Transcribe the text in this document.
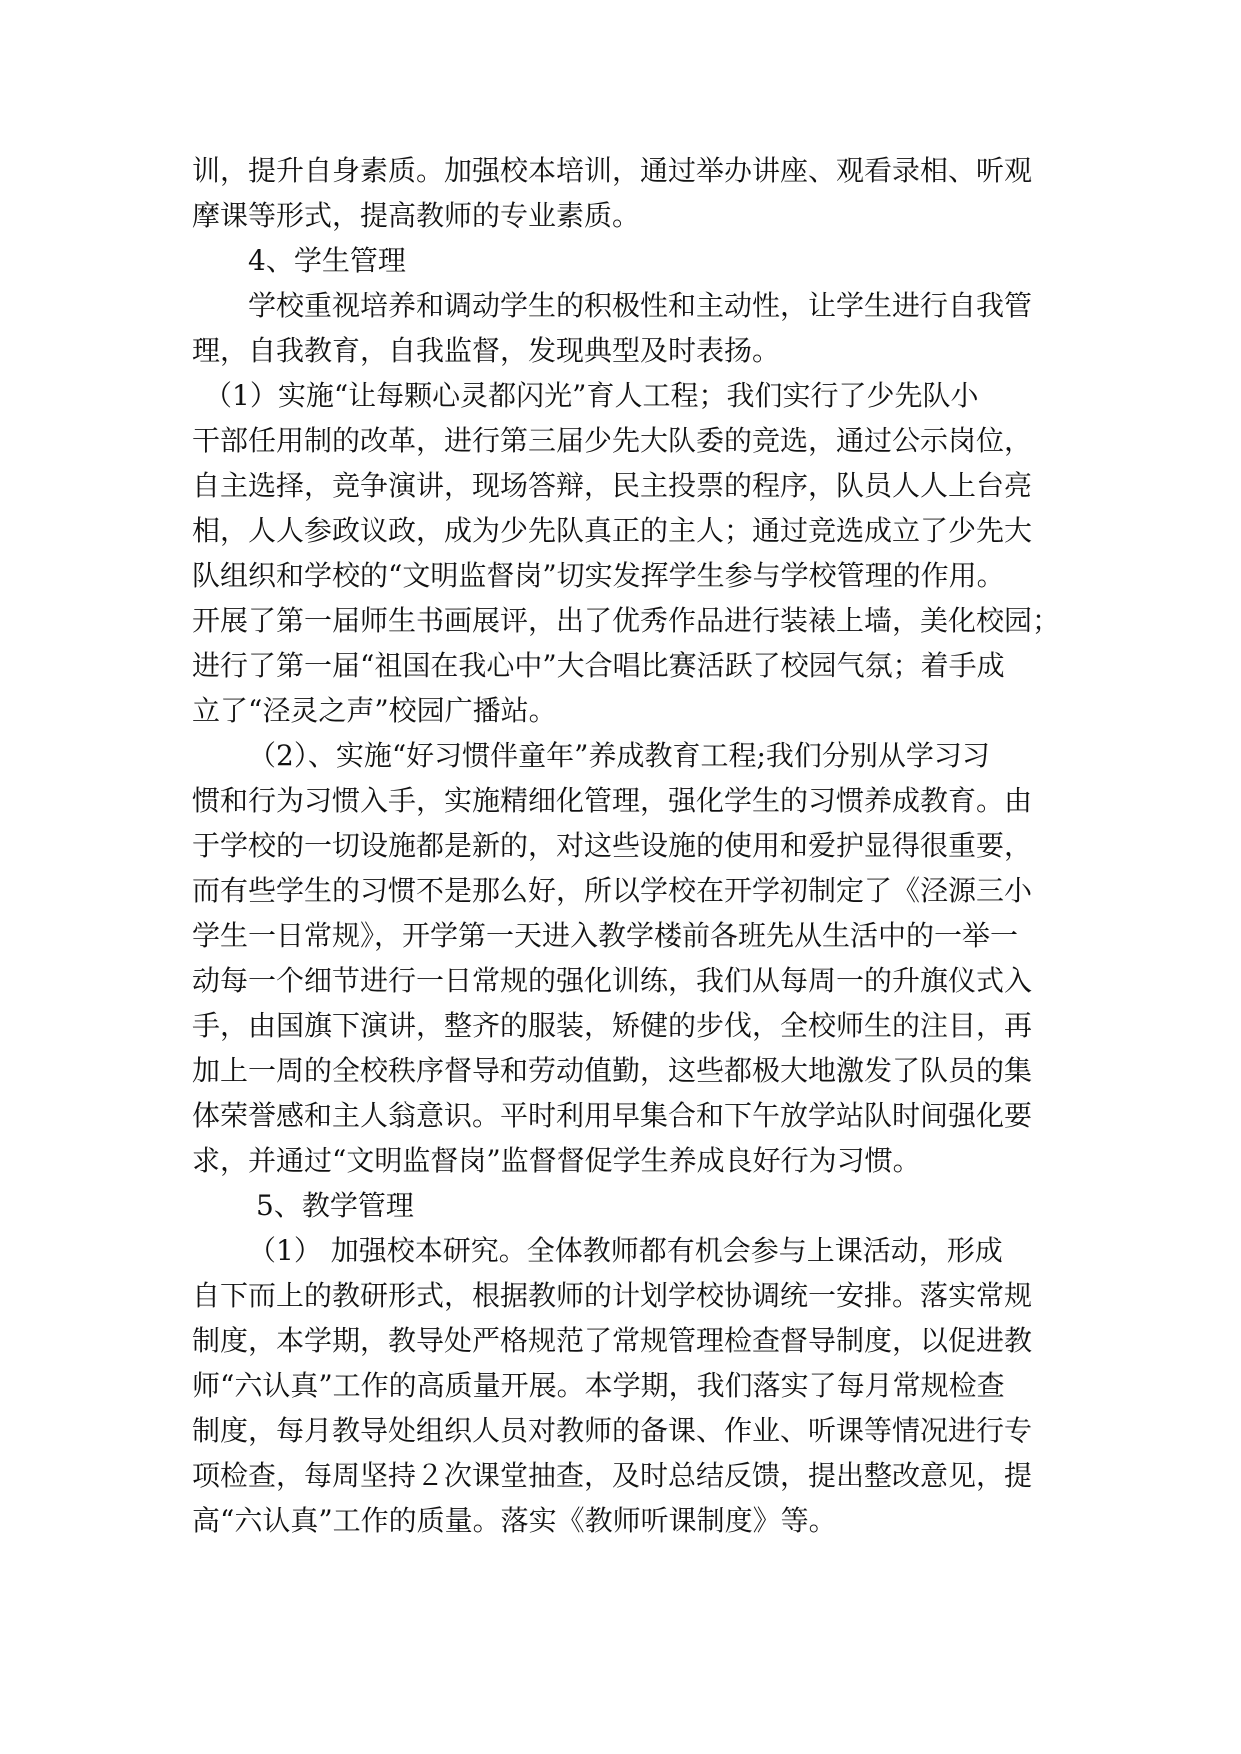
训，提升自身素质。加强校本培训，通过举办讲座、观看录相、听观
摩课等形式，提高教师的专业素质。
4、学生管理
学校重视培养和调动学生的积极性和主动性，让学生进行自我管
理，自我教育，自我监督，发现典型及时表扬。
（1）实施“让每颗心灵都闪光”育人工程；我们实行了少先队小
干部任用制的改革，进行第三届少先大队委的竞选，通过公示岗位，
自主选择，竞争演讲，现场答辩，民主投票的程序，队员人人上台亮
相，人人参政议政，成为少先队真正的主人；通过竞选成立了少先大
队组织和学校的“文明监督岗”切实发挥学生参与学校管理的作用。
开展了第一届师生书画展评，出了优秀作品进行装裱上墙，美化校园；
进行了第一届“祖国在我心中”大合唱比赛活跃了校园气氛；着手成
立了“泾灵之声”校园广播站。
（2）、实施“好习惯伴童年”养成教育工程;我们分别从学习习
惯和行为习惯入手，实施精细化管理，强化学生的习惯养成教育。由
于学校的一切设施都是新的，对这些设施的使用和爱护显得很重要，
而有些学生的习惯不是那么好，所以学校在开学初制定了《泾源三小
学生一日常规》，开学第一天进入教学楼前各班先从生活中的一举一
动每一个细节进行一日常规的强化训练，我们从每周一的升旗仪式入
手，由国旗下演讲，整齐的服装，矫健的步伐，全校师生的注目，再
加上一周的全校秩序督导和劳动值勤，这些都极大地激发了队员的集
体荣誉感和主人翁意识。平时利用早集合和下午放学站队时间强化要
求，并通过“文明监督岗”监督督促学生养成良好行为习惯。
5、教学管理
（1） 加强校本研究。全体教师都有机会参与上课活动，形成
自下而上的教研形式，根据教师的计划学校协调统一安排。落实常规
制度，本学期，教导处严格规范了常规管理检查督导制度，以促进教
师“六认真”工作的高质量开展。本学期，我们落实了每月常规检查
制度，每月教导处组织人员对教师的备课、作业、听课等情况进行专
项检查，每周坚持２次课堂抽查，及时总结反馈，提出整改意见，提
高“六认真”工作的质量。落实《教师听课制度》等。
